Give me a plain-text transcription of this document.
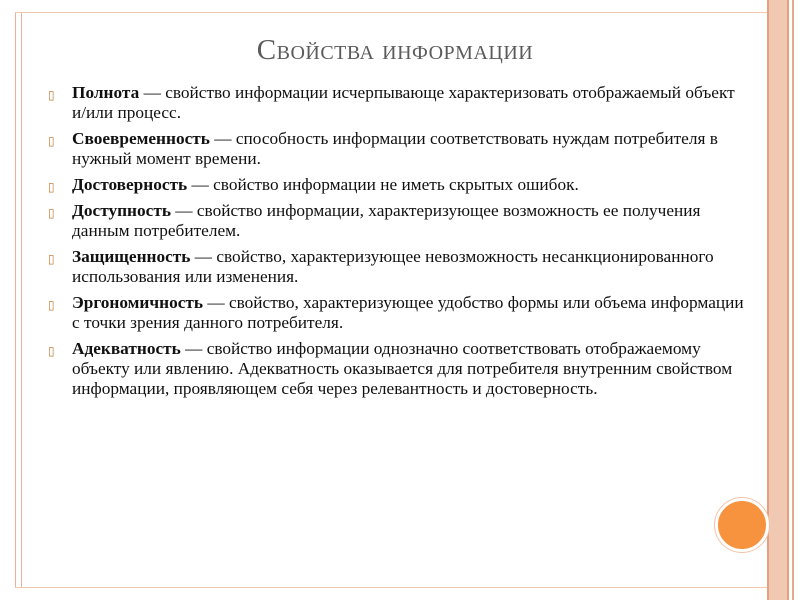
Свойства информации
▯ Полнота — свойство информации исчерпывающе характеризовать отображаемый объект и/или процесс.
▯ Своевременность — способность информации соответствовать нуждам потребителя в нужный момент времени.
▯ Достоверность — свойство информации не иметь скрытых ошибок.
▯ Доступность — свойство информации, характеризующее возможность ее получения данным потребителем.
▯ Защищенность — свойство, характеризующее невозможность несанкционированного использования или изменения.
▯ Эргономичность — свойство, характеризующее удобство формы или объема информации с точки зрения данного потребителя.
▯ Адекватность — свойство информации однозначно соответствовать отображаемому объекту или явлению. Адекватность оказывается для потребителя внутренним свойством информации, проявляющем себя через релевантность и достоверность.
